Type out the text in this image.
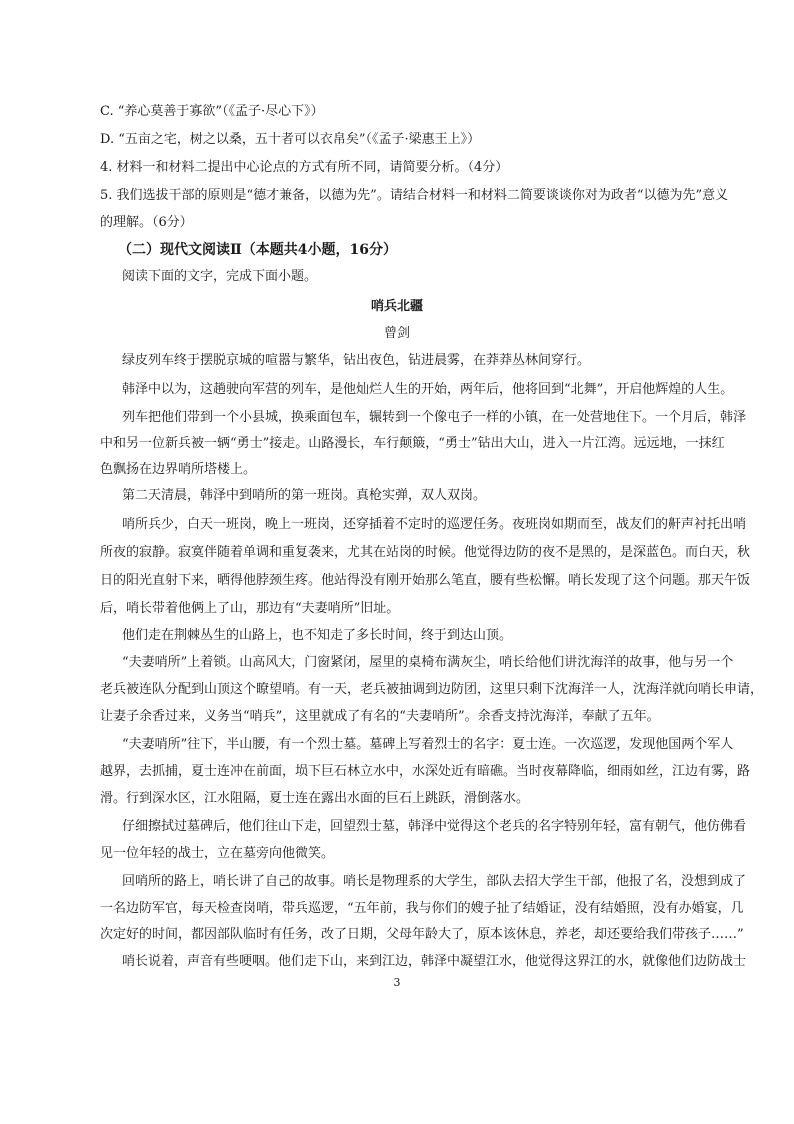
C. “养心莫善于寡欲”（《孟子·尽心下》）
D. “五亩之宅，树之以桑，五十者可以衣帛矣”（《孟子·梁惠王上》）
4. 材料一和材料二提出中心论点的方式有所不同，请简要分析。（4分）
5. 我们选拔干部的原则是“德才兼备，以德为先”。请结合材料一和材料二简要谈谈你对为政者“以德为先”意义
的理解。（6分）
（二）现代文阅读Ⅱ（本题共4小题，16分）
阅读下面的文字，完成下面小题。
哨兵北疆
曾剑
绿皮列车终于摆脱京城的喧嚣与繁华，钻出夜色，钻进晨雾，在莽莽丛林间穿行。
韩泽中以为，这趟驶向军营的列车，是他灿烂人生的开始，两年后，他将回到“北舞”，开启他辉煌的人生。
列车把他们带到一个小县城，换乘面包车，辗转到一个像屯子一样的小镇，在一处营地住下。一个月后，韩泽
中和另一位新兵被一辆“勇士”接走。山路漫长，车行颠簸，“勇士”钻出大山，进入一片江湾。远远地，一抹红
色飘扬在边界哨所塔楼上。
第二天清晨，韩泽中到哨所的第一班岗。真枪实弹，双人双岗。
哨所兵少，白天一班岗，晚上一班岗，还穿插着不定时的巡逻任务。夜班岗如期而至，战友们的鼾声衬托出哨
所夜的寂静。寂寞伴随着单调和重复袭来，尤其在站岗的时候。他觉得边防的夜不是黑的，是深蓝色。而白天，秋
日的阳光直射下来，晒得他脖颈生疼。他站得没有刚开始那么笔直，腰有些松懈。哨长发现了这个问题。那天午饭
后，哨长带着他俩上了山，那边有“夫妻哨所”旧址。
他们走在荆棘丛生的山路上，也不知走了多长时间，终于到达山顶。
“夫妻哨所”上着锁。山高风大，门窗紧闭，屋里的桌椅布满灰尘，哨长给他们讲沈海洋的故事，他与另一个
老兵被连队分配到山顶这个瞭望哨。有一天，老兵被抽调到边防团，这里只剩下沈海洋一人，沈海洋就向哨长申请，
让妻子余香过来，义务当“哨兵”，这里就成了有名的“夫妻哨所”。余香支持沈海洋，奉献了五年。
“夫妻哨所”往下，半山腰，有一个烈士墓。墓碑上写着烈士的名字：夏士连。一次巡逻，发现他国两个军人
越界，去抓捕，夏士连冲在前面，埙下巨石林立水中，水深处近有暗礁。当时夜幕降临，细雨如丝，江边有雾，路
滑。行到深水区，江水阻隔，夏士连在露出水面的巨石上跳跃，滑倒落水。
仔细擦拭过墓碑后，他们往山下走，回望烈士墓，韩泽中觉得这个老兵的名字特别年轻，富有朝气，他仿佛看
见一位年轻的战士，立在墓旁向他微笑。
回哨所的路上，哨长讲了自己的故事。哨长是物理系的大学生，部队去招大学生干部，他报了名，没想到成了
一名边防军官，每天检查岗哨，带兵巡逻，“五年前，我与你们的嫂子扯了结婚证，没有结婚照，没有办婚宴，几
次定好的时间，都因部队临时有任务，改了日期，父母年龄大了，原本该休息，养老，却还要给我们带孩子……”
哨长说着，声音有些哽咽。他们走下山，来到江边，韩泽中凝望江水，他觉得这界江的水，就像他们边防战士
3
